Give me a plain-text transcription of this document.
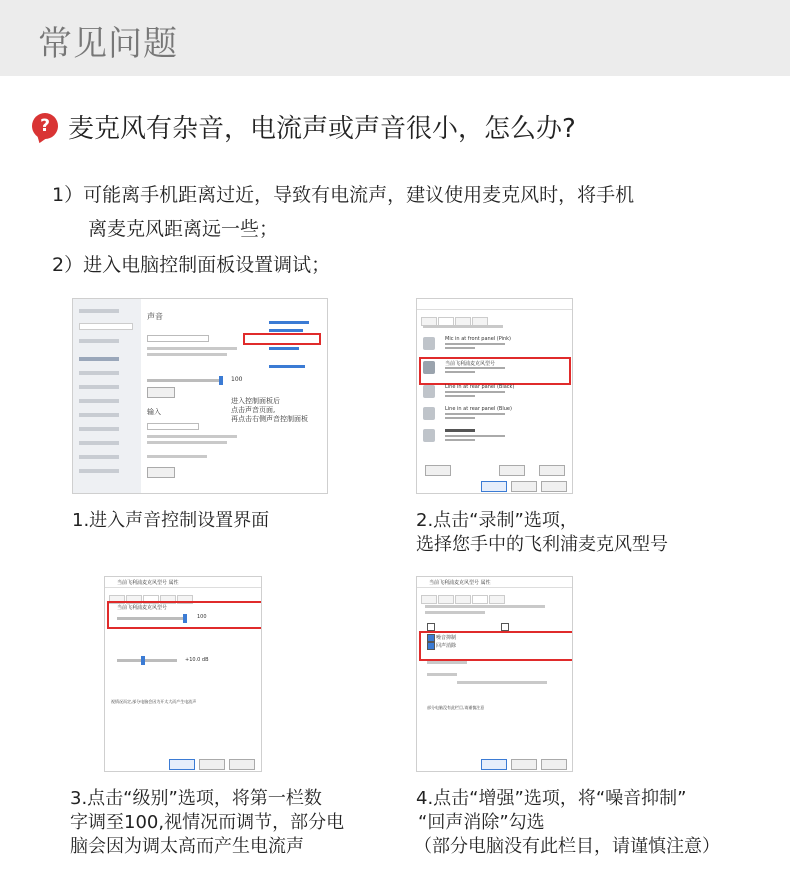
常见问题
? 麦克风有杂音，电流声或声音很小，怎么办?
1）可能离手机距离过近，导致有电流声，建议使用麦克风时，将手机
离麦克风距离远一些；
2）进入电脑控制面板设置调试；
声音
100
输入
进入控制面板后
点击声音页面,
再点击右侧声音控制面板
Mic in at front panel (Pink)
当前飞利浦麦克风型号
Line in at rear panel (Black)
Line in at rear panel (Blue)
当前飞利浦麦克风型号 属性
当前飞利浦麦克风型号
100
+10.0 dB
视情况而定,部分电脑会因为开太大而产生电流声
当前飞利浦麦克风型号 属性
噪音抑制
回声消除
部分电脑没有此栏目,请谨慎注意
1.进入声音控制设置界面	2.点击“录制”选项，
选择您手中的飞利浦麦克风型号
3.点击“级别”选项，将第一栏数
字调至100,视情况而调节，部分电
脑会因为调太高而产生电流声
4.点击“增强”选项，将“噪音抑制”
“回声消除”勾选
（部分电脑没有此栏目，请谨慎注意）
